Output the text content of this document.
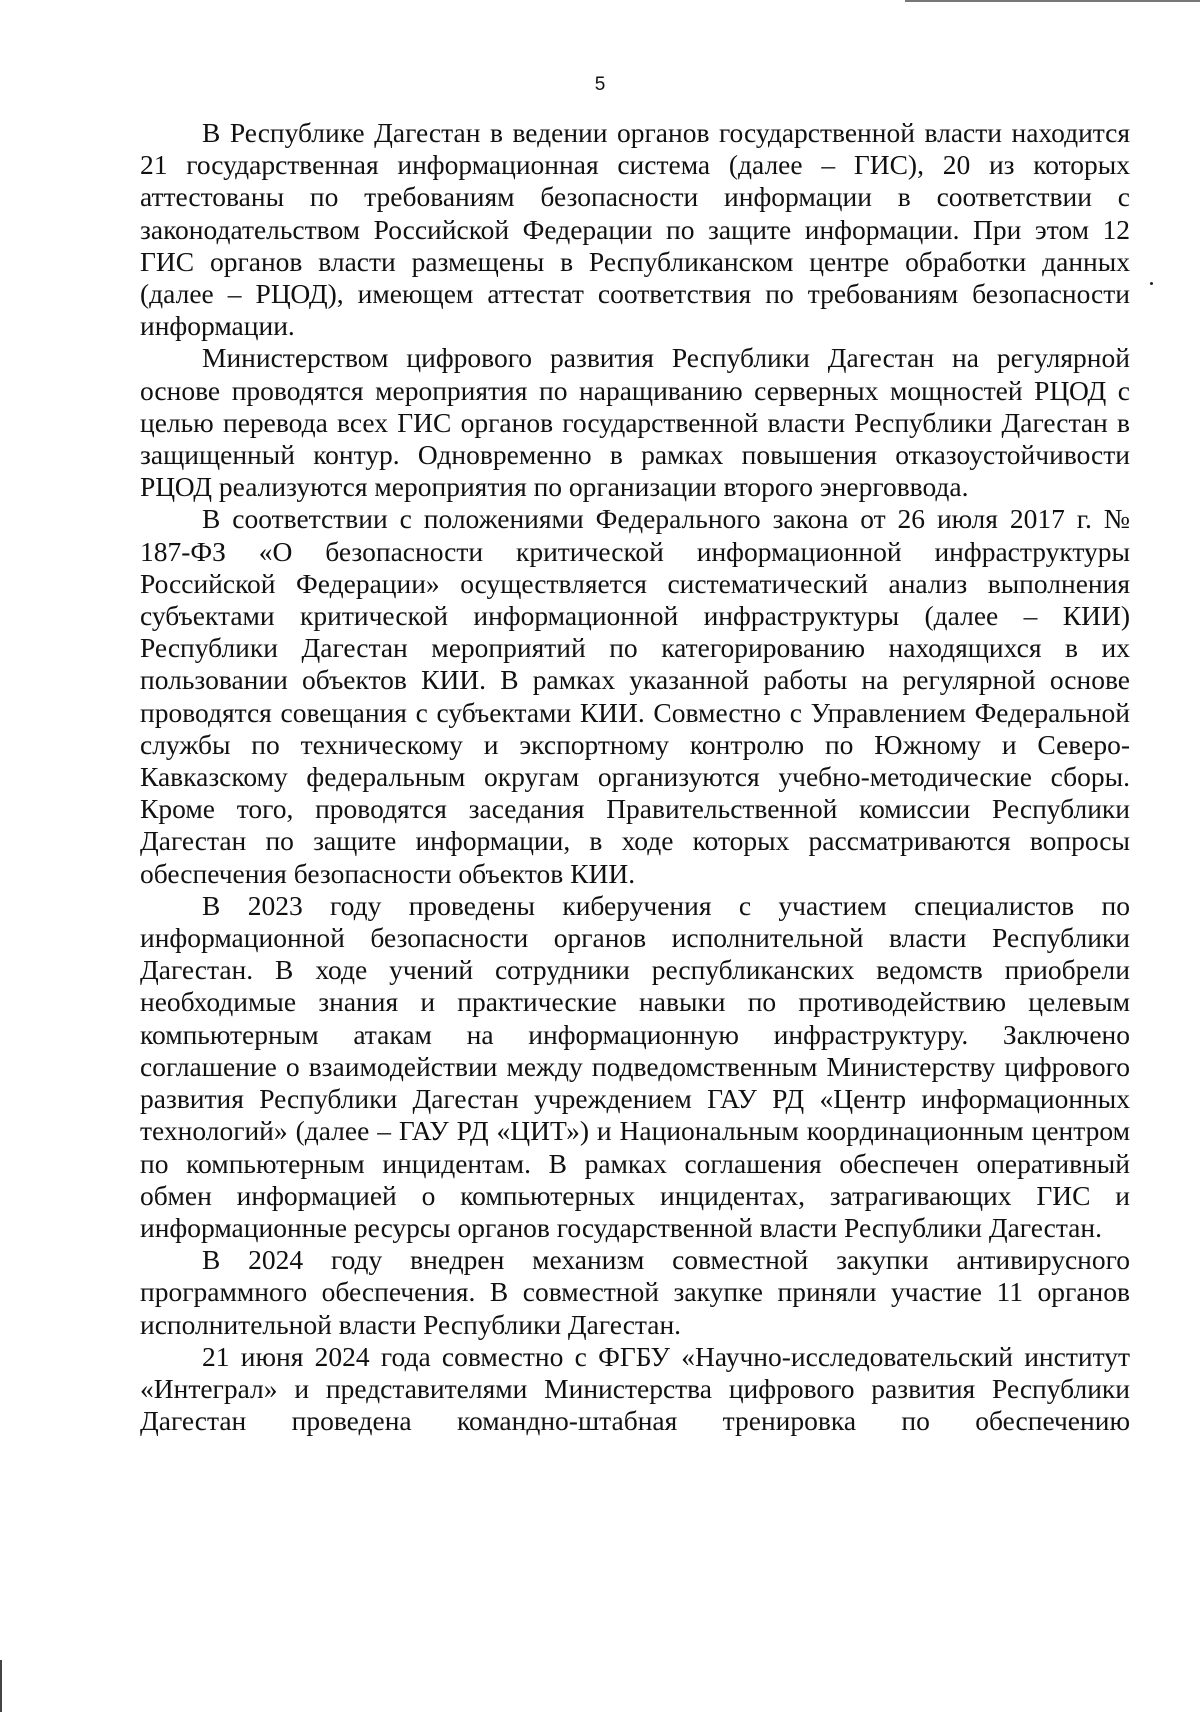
5

В Республике Дагестан в ведении органов государственной власти находится 21 государственная информационная система (далее – ГИС), 20 из которых аттестованы по требованиям безопасности информации в соответствии с законодательством Российской Федерации по защите информации. При этом 12 ГИС органов власти размещены в Республиканском центре обработки данных (далее – РЦОД), имеющем аттестат соответствия по требованиям безопасности информации.

Министерством цифрового развития Республики Дагестан на регулярной основе проводятся мероприятия по наращиванию серверных мощностей РЦОД с целью перевода всех ГИС органов государственной власти Республики Дагестан в защищенный контур. Одновременно в рамках повышения отказоустойчивости РЦОД реализуются мероприятия по организации второго энерговвода.

В соответствии с положениями Федерального закона от 26 июля 2017 г. № 187-ФЗ «О безопасности критической информационной инфраструктуры Российской Федерации» осуществляется систематический анализ выполнения субъектами критической информационной инфраструктуры (далее – КИИ) Республики Дагестан мероприятий по категорированию находящихся в их пользовании объектов КИИ. В рамках указанной работы на регулярной основе проводятся совещания с субъектами КИИ. Совместно с Управлением Федеральной службы по техническому и экспортному контролю по Южному и Северо-Кавказскому федеральным округам организуются учебно-методические сборы. Кроме того, проводятся заседания Правительственной комиссии Республики Дагестан по защите информации, в ходе которых рассматриваются вопросы обеспечения безопасности объектов КИИ.

В 2023 году проведены киберучения с участием специалистов по информационной безопасности органов исполнительной власти Республики Дагестан. В ходе учений сотрудники республиканских ведомств приобрели необходимые знания и практические навыки по противодействию целевым компьютерным атакам на информационную инфраструктуру. Заключено соглашение о взаимодействии между подведомственным Министерству цифрового развития Республики Дагестан учреждением ГАУ РД «Центр информационных технологий» (далее – ГАУ РД «ЦИТ») и Национальным координационным центром по компьютерным инцидентам. В рамках соглашения обеспечен оперативный обмен информацией о компьютерных инцидентах, затрагивающих ГИС и информационные ресурсы органов государственной власти Республики Дагестан.

В 2024 году внедрен механизм совместной закупки антивирусного программного обеспечения. В совместной закупке приняли участие 11 органов исполнительной власти Республики Дагестан.

21 июня 2024 года совместно с ФГБУ «Научно-исследовательский институт «Интеграл» и представителями Министерства цифрового развития Республики Дагестан проведена командно-штабная тренировка по обеспечению
